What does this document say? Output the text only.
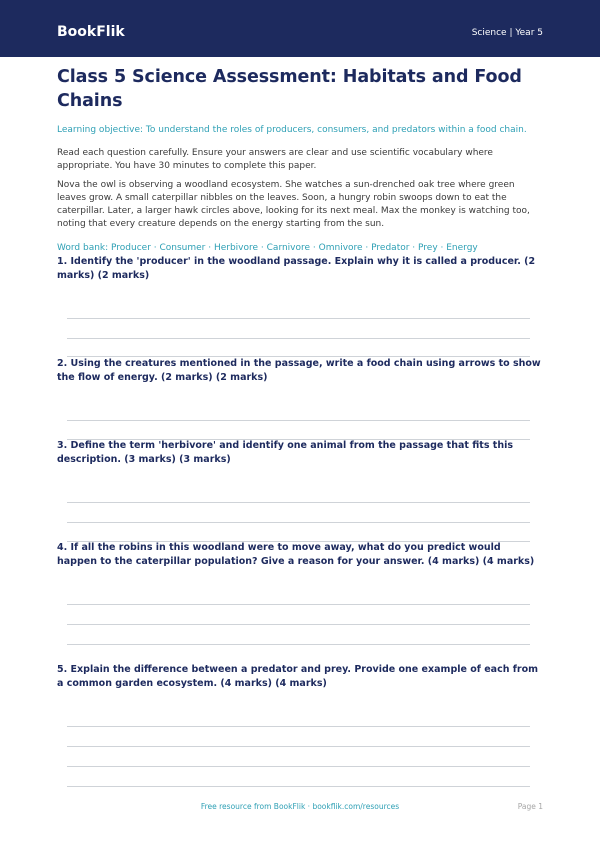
BookFlik	Science | Year 5
Class 5 Science Assessment: Habitats and Food Chains

Learning objective: To understand the roles of producers, consumers, and predators within a food chain.

Read each question carefully. Ensure your answers are clear and use scientific vocabulary where appropriate. You have 30 minutes to complete this paper.

Nova the owl is observing a woodland ecosystem. She watches a sun-drenched oak tree where green leaves grow. A small caterpillar nibbles on the leaves. Soon, a hungry robin swoops down to eat the caterpillar. Later, a larger hawk circles above, looking for its next meal. Max the monkey is watching too, noting that every creature depends on the energy starting from the sun.

Word bank: Producer · Consumer · Herbivore · Carnivore · Omnivore · Predator · Prey · Energy

1. Identify the 'producer' in the woodland passage. Explain why it is called a producer. (2 marks) (2 marks)

2. Using the creatures mentioned in the passage, write a food chain using arrows to show the flow of energy. (2 marks) (2 marks)

3. Define the term 'herbivore' and identify one animal from the passage that fits this description. (3 marks) (3 marks)

4. If all the robins in this woodland were to move away, what do you predict would happen to the caterpillar population? Give a reason for your answer. (4 marks) (4 marks)

5. Explain the difference between a predator and prey. Provide one example of each from a common garden ecosystem. (4 marks) (4 marks)

Free resource from BookFlik · bookflik.com/resources	Page 1
